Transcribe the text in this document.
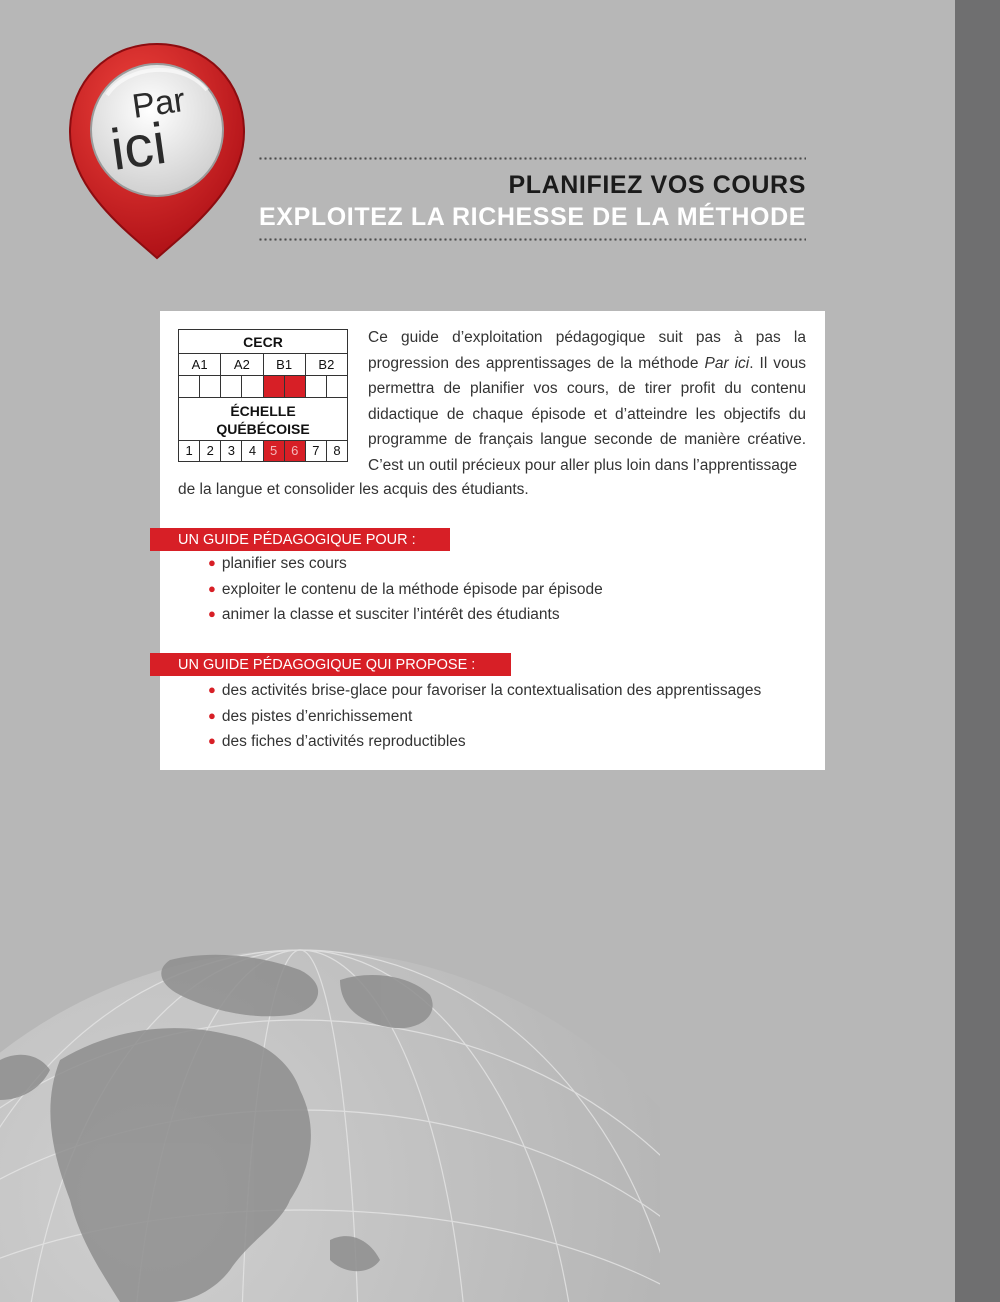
Par
ici
PLANIFIEZ VOS COURS
EXPLOITEZ LA RICHESSE DE LA MÉTHODE
CECR
A1	A2	B1	B2
ÉCHELLE
QUÉBÉCOISE
1	2	3	4	5	6	7	8

Ce guide d’exploitation pédagogique suit pas à pas la progression des apprentissages de la méthode Par ici. Il vous permettra de planifier vos cours, de tirer profit du contenu didactique de chaque épisode et d’atteindre les objectifs du programme de français langue seconde de manière créative. C’est un outil précieux pour aller plus loin dans l’apprentissage

de la langue et consolider les acquis des étudiants.

UN GUIDE PÉDAGOGIQUE POUR :
● planifier ses cours
● exploiter le contenu de la méthode épisode par épisode
● animer la classe et susciter l’intérêt des étudiants
UN GUIDE PÉDAGOGIQUE QUI PROPOSE :
● des activités brise-glace pour favoriser la contextualisation des apprentissages
● des pistes d’enrichissement
● des fiches d’activités reproductibles
